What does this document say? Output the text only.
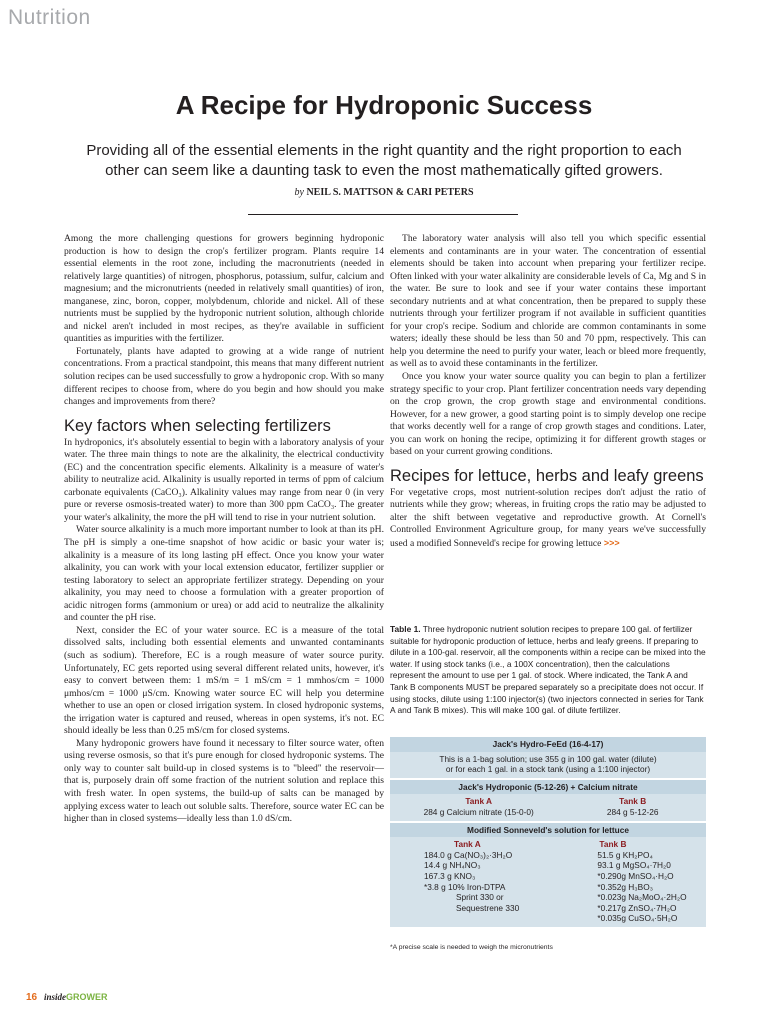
Nutrition
A Recipe for Hydroponic Success

Providing all of the essential elements in the right quantity and the right proportion to each other can seem like a daunting task to even the most mathematically gifted growers.

by NEIL S. MATTSON & CARI PETERS

Among the more challenging questions for growers beginning hydroponic production is how to design the crop's fertilizer program. Plants require 14 essential elements in the root zone, including the macronutrients (needed in relatively large quantities) of nitrogen, phosphorus, potassium, sulfur, calcium and magnesium; and the micronutrients (needed in relatively small quantities) of iron, manganese, zinc, boron, copper, molybdenum, chloride and nickel. All of these nutrients must be supplied by the hydroponic nutrient solution, although chloride and nickel aren't included in most recipes, as they're available in sufficient quantities as impurities with the fertilizer.

Fortunately, plants have adapted to growing at a wide range of nutrient concentrations. From a practical standpoint, this means that many different nutrient solution recipes can be used successfully to grow a hydroponic crop. With so many different recipes to choose from, where do you begin and how should you make changes and improvements from there?

Key factors when selecting fertilizers

In hydroponics, it's absolutely essential to begin with a laboratory analysis of your water. The three main things to note are the alkalinity, the electrical conductivity (EC) and the concentration specific elements. Alkalinity is a measure of water's ability to neutralize acid. Alkalinity is usually reported in terms of ppm of calcium carbonate equivalents (CaCO₃). Alkalinity values may range from near 0 (in very pure or reverse osmosis-treated water) to more than 300 ppm CaCO₃. The greater your water's alkalinity, the more the pH will tend to rise in your nutrient solution.

Water source alkalinity is a much more important number to look at than its pH. The pH is simply a one-time snapshot of how acidic or basic your water is; alkalinity is a measure of its long lasting pH effect. Once you know your water alkalinity, you can work with your local extension educator, fertilizer supplier or testing laboratory to select an appropriate fertilizer strategy. Depending on your alkalinity, you may need to choose a formulation with a greater proportion of acidic nitrogen forms (ammonium or urea) or add acid to neutralize the alkalinity and counter the pH rise.

Next, consider the EC of your water source. EC is a measure of the total dissolved salts, including both essential elements and unwanted contaminants (such as sodium). Therefore, EC is a rough measure of water source purity. Unfortunately, EC gets reported using several different related units, however, it's easy to convert between them: 1 mS/m = 1 mS/cm = 1 mmhos/cm = 1000 μmhos/cm = 1000 μS/cm. Knowing water source EC will help you determine whether to use an open or closed irrigation system. In closed hydroponic systems, the irrigation water is captured and reused, whereas in open systems, it's not. EC should ideally be less than 0.25 mS/cm for closed systems.

Many hydroponic growers have found it necessary to filter source water, often using reverse osmosis, so that it's pure enough for closed hydroponic systems. The only way to counter salt build-up in closed systems is to "bleed" the reservoir—that is, purposely drain off some fraction of the nutrient solution and replace this with fresh water. In open systems, the build-up of salts can be managed by applying excess water to leach out soluble salts. Therefore, source water EC can be higher than in closed systems—ideally less than 1.0 dS/cm.

The laboratory water analysis will also tell you which specific essential elements and contaminants are in your water. The concentration of essential elements should be taken into account when preparing your fertilizer recipe. Often linked with your water alkalinity are considerable levels of Ca, Mg and S in the water. Be sure to look and see if your water contains these important secondary nutrients and at what concentration, then be prepared to supply these nutrients through your fertilizer program if not available in sufficient quantities for your crop's recipe. Sodium and chloride are common contaminants in some waters; ideally these should be less than 50 and 70 ppm, respectively. This can help you determine the need to purify your water, leach or bleed more frequently, as well as to avoid these contaminants in the fertilizer.

Once you know your water source quality you can begin to plan a fertilizer strategy specific to your crop. Plant fertilizer concentration needs vary depending on the crop grown, the crop growth stage and environmental conditions. However, for a new grower, a good starting point is to simply develop one recipe that works decently well for a range of crop growth stages and conditions. Later, you can work on honing the recipe, optimizing it for different growth stages or based on your current growing conditions.

Recipes for lettuce, herbs and leafy greens

For vegetative crops, most nutrient-solution recipes don't adjust the ratio of nutrients while they grow; whereas, in fruiting crops the ratio may be adjusted to alter the shift between vegetative and reproductive growth. At Cornell's Controlled Environment Agriculture group, for many years we've successfully used a modified Sonneveld's recipe for growing lettuce >>>

Table 1. Three hydroponic nutrient solution recipes to prepare 100 gal. of fertilizer suitable for hydroponic production of lettuce, herbs and leafy greens. If preparing to dilute in a 100-gal. reservoir, all the components within a recipe can be mixed into the water. If using stock tanks (i.e., a 100X concentration), then the calculations represent the amount to use per 1 gal. of stock. Where indicated, the Tank A and Tank B components MUST be prepared separately so a precipitate does not occur. If using stocks, dilute using 1:100 injector(s) (two injectors connected in series for Tank A and Tank B mixes). This will make 100 gal. of dilute fertilizer.
Jack's Hydro-FeEd (16-4-17)
This is a 1-bag solution; use 355 g in 100 gal. water (dilute)
or for each 1 gal. in a stock tank (using a 1:100 injector)
Jack's Hydroponic (5-12-26) + Calcium nitrate
Tank A
284 g Calcium nitrate (15-0-0)
Tank B
284 g 5-12-26
Modified Sonneveld's solution for lettuce
Tank A
184.0 g Ca(NO₃)₂·3H₂O
14.4 g NH₄NO₃
167.3 g KNO₃
*3.8 g 10% Iron-DTPA
Sprint 330 or
Sequestrene 330
Tank B
51.5 g KH₂PO₄
93.1 g MgSO₄·7H₂0
*0.290g MnSO₄·H₂O
*0.352g H₃BO₃
*0.023g Na₂MoO₄·2H₂O
*0.217g ZnSO₄·7H₂O
*0.035g CuSO₄·5H₂O
*A precise scale is needed to weigh the micronutrients
16 insideGROWER
